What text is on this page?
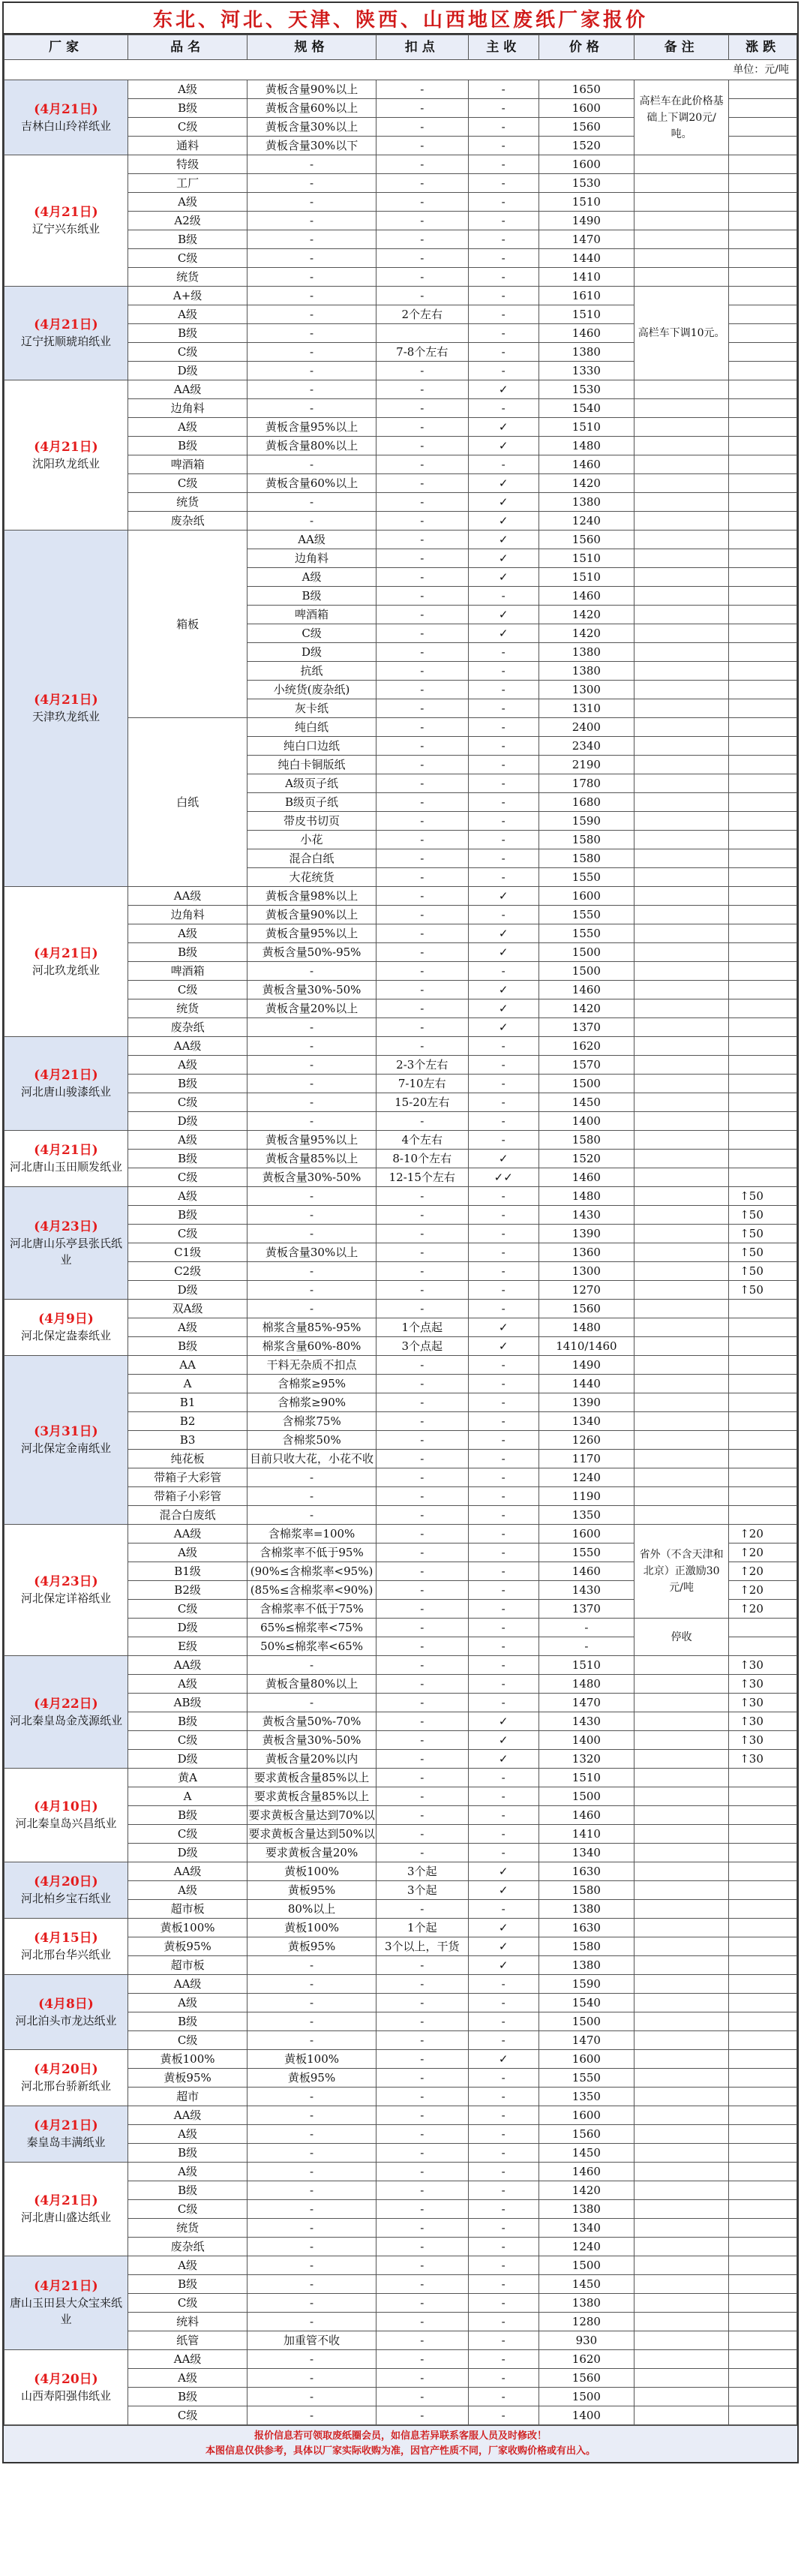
东北、河北、天津、陕西、山西地区废纸厂家报价
厂家	品名	规格	扣点	主收	价格	备注	涨跌
单位：元/吨							

(4月21日)
吉林白山玲祥纸业	A级	黄板含量90%以上	-	-	1650	高栏车在此价格基础上下调20元/吨。	
	B级	黄板含量60%以上	-	-	1600		
	C级	黄板含量30%以上	-	-	1560		
	通料	黄板含量30%以下	-	-	1520		

(4月21日)
辽宁兴东纸业	特级	-	-	-	1600		
	工厂	-	-	-	1530		
	A级	-	-	-	1510		
	A2级	-	-	-	1490		
	B级	-	-	-	1470		
	C级	-	-	-	1440		
	统货	-	-	-	1410		

(4月21日)
辽宁抚顺琥珀纸业	A+级	-	-	-	1610	高栏车下调10元。	
	A级	-	2个左右	-	1510		
	B级	-		-	1460		
	C级	-	7-8个左右	-	1380		
	D级	-	-	-	1330		

(4月21日)
沈阳玖龙纸业	AA级	-	-	✓	1530		
	边角料	-	-	-	1540		
	A级	黄板含量95%以上	-	✓	1510		
	B级	黄板含量80%以上	-	✓	1480		
	啤酒箱	-	-	-	1460		
	C级	黄板含量60%以上	-	✓	1420		
	统货	-	-	✓	1380		
	废杂纸	-	-	✓	1240		

(4月21日)
天津玖龙纸业	箱板	AA级	-	✓	1560		
		边角料	-	✓	1510		
		A级	-	✓	1510		
		B级	-	-	1460		
		啤酒箱	-	✓	1420		
		C级	-	✓	1420		
		D级	-	-	1380		
		抗纸	-	-	1380		
		小统货(废杂纸)	-	-	1300		
		灰卡纸	-	-	1310		
	白纸	纯白纸	-	-	2400		
		纯白口边纸	-	-	2340		
		纯白卡铜版纸	-	-	2190		
		A级页子纸	-	-	1780		
		B级页子纸	-	-	1680		
		带皮书切页	-	-	1590		
		小花	-	-	1580		
		混合白纸	-	-	1580		
		大花统货	-	-	1550		

(4月21日)
河北玖龙纸业	AA级	黄板含量98%以上	-	✓	1600		
	边角料	黄板含量90%以上	-	-	1550		
	A级	黄板含量95%以上	-	✓	1550		
	B级	黄板含量50%-95%	-	✓	1500		
	啤酒箱	-	-	-	1500		
	C级	黄板含量30%-50%	-	✓	1460		
	统货	黄板含量20%以上	-	✓	1420		
	废杂纸	-	-	✓	1370		

(4月21日)
河北唐山骏漆纸业	AA级	-	-	-	1620		
	A级	-	2-3个左右	-	1570		
	B级	-	7-10左右	-	1500		
	C级	-	15-20左右	-	1450		
	D级	-	-	-	1400		

(4月21日)
河北唐山玉田顺发纸业	A级	黄板含量95%以上	4个左右	-	1580		
	B级	黄板含量85%以上	8-10个左右	✓	1520		
	C级	黄板含量30%-50%	12-15个左右	✓✓	1460		

(4月23日)
河北唐山乐亭县张氏纸业	A级	-	-	-	1480		↑50
	B级	-	-	-	1430		↑50
	C级	-	-	-	1390		↑50
	C1级	黄板含量30%以上	-	-	1360		↑50
	C2级	-	-	-	1300		↑50
	D级	-	-	-	1270		↑50

(4月9日)
河北保定盎泰纸业	双A级	-	-	-	1560		
	A级	棉浆含量85%-95%	1个点起	✓	1480		
	B级	棉浆含量60%-80%	3个点起	✓	1410/1460		

(3月31日)
河北保定金南纸业	AA	干料无杂质不扣点	-	-	1490		
	A	含棉浆≥95%	-	-	1440		
	B1	含棉浆≥90%	-	-	1390		
	B2	含棉浆75%	-	-	1340		
	B3	含棉浆50%	-	-	1260		
	纯花板	目前只收大花，小花不收	-	-	1170		
	带箱子大彩管	-	-	-	1240		
	带箱子小彩管	-	-	-	1190		
	混合白废纸	-	-	-	1350		

(4月23日)
河北保定详裕纸业	AA级	含棉浆率=100%	-	-	1600	省外（不含天津和北京）正激励30元/吨	↑20
	A级	含棉浆率不低于95%	-	-	1550		↑20
	B1级	(90%≤含棉浆率<95%)	-	-	1460		↑20
	B2级	(85%≤含棉浆率<90%)	-	-	1430		↑20
	C级	含棉浆率不低于75%	-	-	1370		↑20
	D级	65%≤棉浆率<75%	-	-	-	停收	
	E级	50%≤棉浆率<65%	-	-	-		

(4月22日)
河北秦皇岛金茂源纸业	AA级	-	-	-	1510		↑30
	A级	黄板含量80%以上	-	-	1480		↑30
	AB级	-	-	-	1470		↑30
	B级	黄板含量50%-70%	-	✓	1430		↑30
	C级	黄板含量30%-50%	-	✓	1400		↑30
	D级	黄板含量20%以内	-	✓	1320		↑30

(4月10日)
河北秦皇岛兴昌纸业	黄A	要求黄板含量85%以上	-	-	1510		
	A	要求黄板含量85%以上	-	-	1500		
	B级	要求黄板含量达到70%以	-	-	1460		
	C级	要求黄板含量达到50%以	-	-	1410		
	D级	要求黄板含量20%	-	-	1340		

(4月20日)
河北柏乡宝石纸业	AA级	黄板100%	3个起	✓	1630		
	A级	黄板95%	3个起	✓	1580		
	超市板	80%以上	-	-	1380		

(4月15日)
河北邢台华兴纸业	黄板100%	黄板100%	1个起	✓	1630		
	黄板95%	黄板95%	3个以上，干货	✓	1580		
	超市板	-	-	✓	1380		

(4月8日)
河北泊头市龙达纸业	AA级	-	-	-	1590		
	A级	-	-	-	1540		
	B级	-	-	-	1500		
	C级	-	-	-	1470		

(4月20日)
河北邢台骄新纸业	黄板100%	黄板100%	-	✓	1600		
	黄板95%	黄板95%	-	-	1550		
	超市	-	-	-	1350		

(4月21日)
秦皇岛丰满纸业	AA级	-	-	-	1600		
	A级	-	-	-	1560		
	B级	-	-	-	1450		

(4月21日)
河北唐山盛达纸业	A级	-	-	-	1460		
	B级	-	-	-	1420		
	C级	-	-	-	1380		
	统货	-	-	-	1340		
	废杂纸	-	-	-	1240		

(4月21日)
唐山玉田县大众宝来纸业	A级	-	-	-	1500		
	B级	-	-	-	1450		
	C级	-	-	-	1380		
	统料	-	-	-	1280		
	纸管	加重管不收	-	-	930		

(4月20日)
山西寿阳强伟纸业	AA级	-	-	-	1620		
	A级	-	-	-	1560		
	B级	-	-	-	1500		
	C级	-	-	-	1400		
报价信息若可领取废纸圈会员，如信息若异联系客服人员及时修改！
本图信息仅供参考，具体以厂家实际收购为准，因官产性质不同，厂家收购价格或有出入。
